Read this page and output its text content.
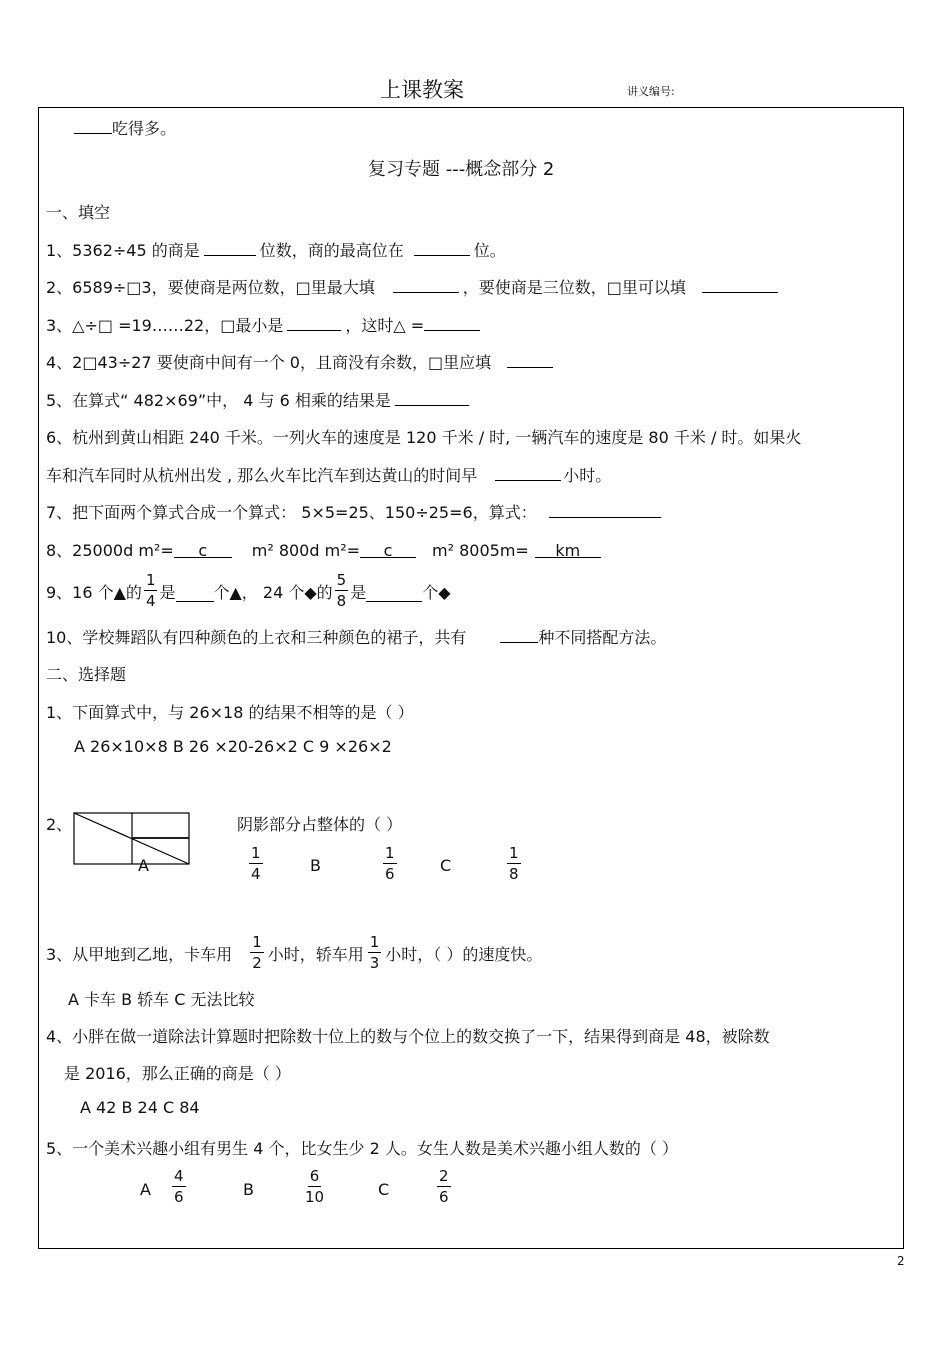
上课教案	讲义编号:
吃得多。
复习专题 ---概念部分 2
一、填空
1、5362÷45 的商是	位数，商的最高位在	位。
2、6589÷□3，要使商是两位数，□里最大填	，要使商是三位数，□里可以填
3、△÷□ =19……22，□最小是	，这时△ =
4、2□43÷27 要使商中间有一个 0，且商没有余数，□里应填
5、在算式“ 482×69”中， 4 与 6 相乘的结果是
6、杭州到黄山相距 240 千米。一列火车的速度是 120 千米 / 时, 一辆汽车的速度是 80 千米 / 时。如果火
车和汽车同时从杭州出发 , 那么火车比汽车到达黄山的时间早	小时。
7、把下面两个算式合成一个算式： 5×5=25、150÷25=6，算式：
8、25000d m²= c	m² 800d m²= c m² 8005m= km
9、16 个▲的 $\frac{1}{4}$ 是 个▲， 24 个◆的 $\frac{5}{8}$ 是	个◆
10、学校舞蹈队有四种颜色的上衣和三种颜色的裙子，共有	种不同搭配方法。
二、选择题
1、下面算式中，与 26×18 的结果不相等的是（ ）
A 26×10×8 B 26 ×20-26×2 C 9 ×26×2
2、	阴影部分占整体的（ ）
A	$\frac{1}{4}$	B	$\frac{1}{6}$	C	$\frac{1}{8}$
3、从甲地到乙地，卡车用 $\frac{1}{2}$ 小时，轿车用 $\frac{1}{3}$ 小时，（ ）的速度快。
A 卡车 B 轿车 C 无法比较
4、小胖在做一道除法计算题时把除数十位上的数与个位上的数交换了一下，结果得到商是 48，被除数
是 2016，那么正确的商是（ ）
A 42 B 24 C 84
5、一个美术兴趣小组有男生 4 个，比女生少 2 人。女生人数是美术兴趣小组人数的（ ）
A $\frac{4}{6}$	B	$\frac{6}{10}$	C	$\frac{2}{6}$
2
